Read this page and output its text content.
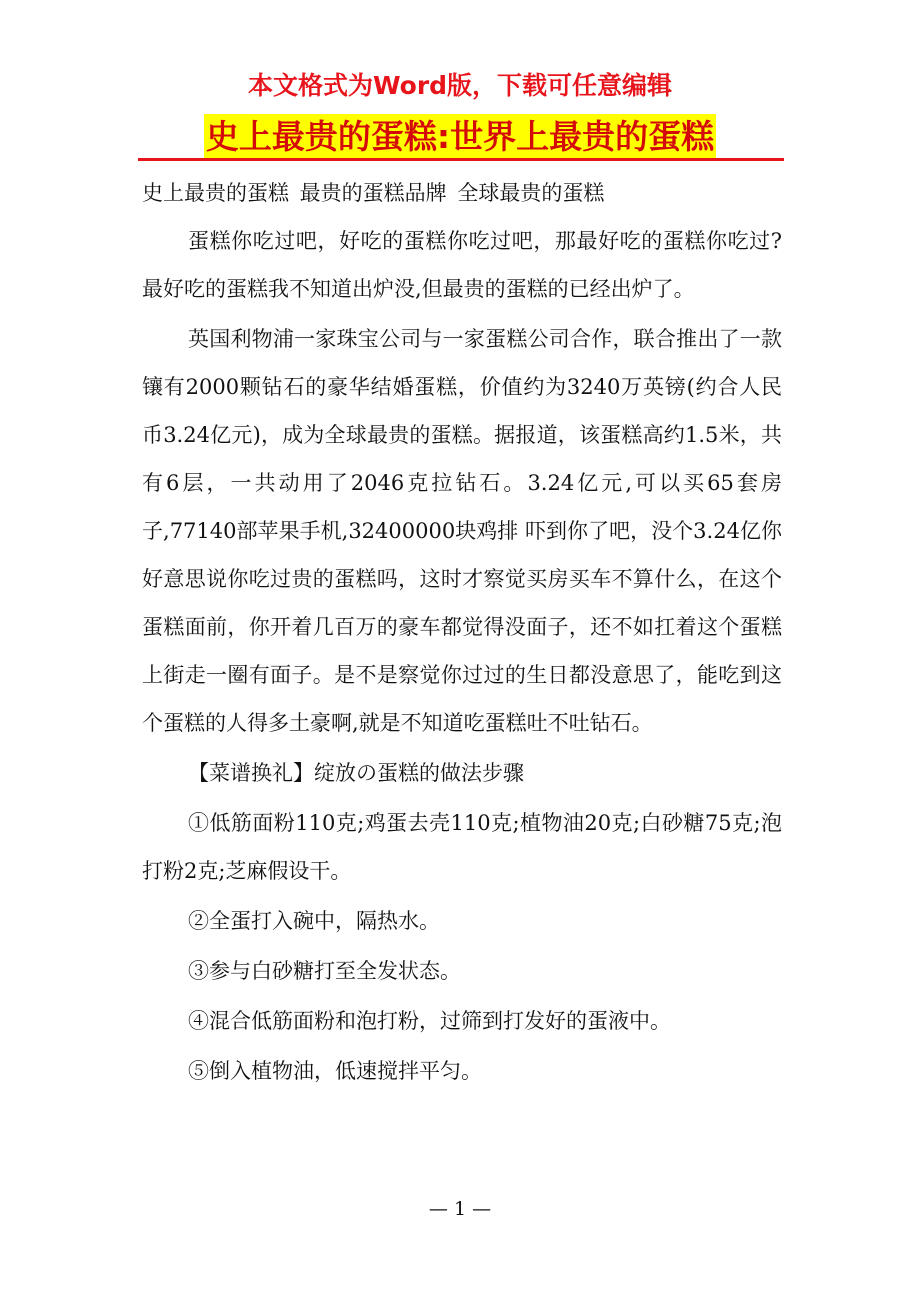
本文格式为Word版，下载可任意编辑
史上最贵的蛋糕:世界上最贵的蛋糕

史上最贵的蛋糕 最贵的蛋糕品牌 全球最贵的蛋糕

蛋糕你吃过吧，好吃的蛋糕你吃过吧，那最好吃的蛋糕你吃过?最好吃的蛋糕我不知道出炉没,但最贵的蛋糕的已经出炉了。

英国利物浦一家珠宝公司与一家蛋糕公司合作，联合推出了一款镶有2000颗钻石的豪华结婚蛋糕，价值约为3240万英镑(约合人民币3.24亿元)，成为全球最贵的蛋糕。据报道，该蛋糕高约1.5米，共有6层，一共动用了2046克拉钻石。3.24亿元,可以买65套房子,77140部苹果手机,32400000块鸡排 吓到你了吧，没个3.24亿你好意思说你吃过贵的蛋糕吗，这时才察觉买房买车不算什么，在这个蛋糕面前，你开着几百万的豪车都觉得没面子，还不如扛着这个蛋糕上街走一圈有面子。是不是察觉你过过的生日都没意思了，能吃到这个蛋糕的人得多土豪啊,就是不知道吃蛋糕吐不吐钻石。

【菜谱换礼】绽放の蛋糕的做法步骤

①低筋面粉110克;鸡蛋去壳110克;植物油20克;白砂糖75克;泡打粉2克;芝麻假设干。

②全蛋打入碗中，隔热水。

③参与白砂糖打至全发状态。

④混合低筋面粉和泡打粉，过筛到打发好的蛋液中。

⑤倒入植物油，低速搅拌平匀。

— 1 —
